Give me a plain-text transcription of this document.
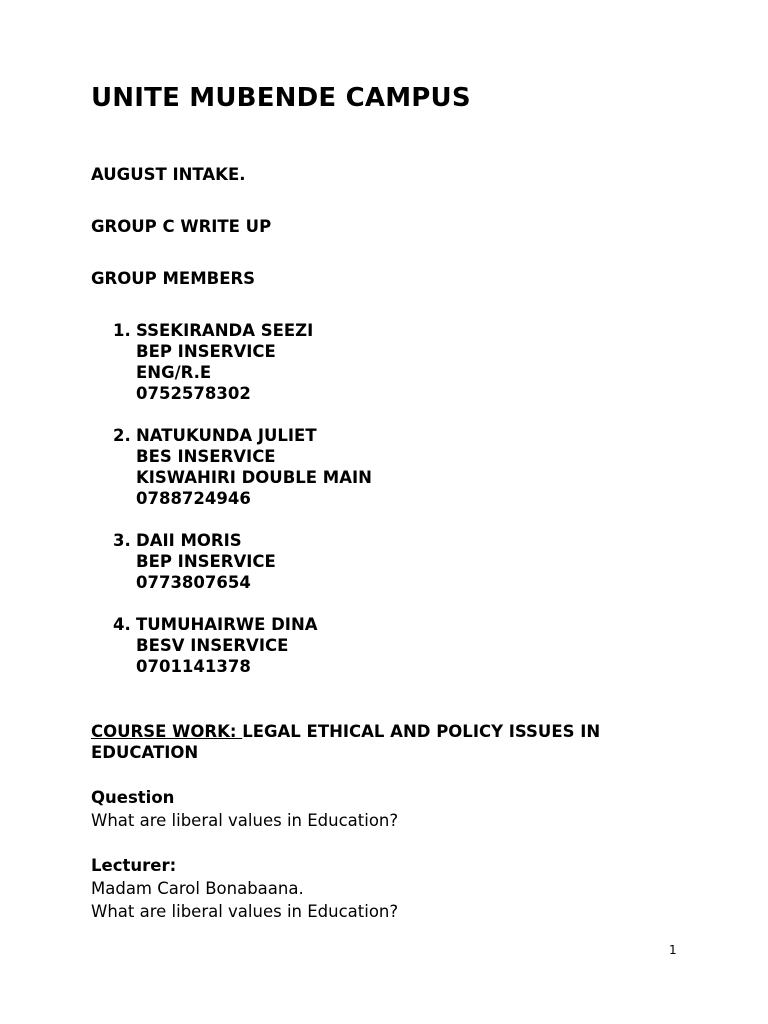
UNITE MUBENDE CAMPUS
AUGUST INTAKE.
GROUP C WRITE UP
GROUP MEMBERS
1. SSEKIRANDA SEEZI
BEP INSERVICE
ENG/R.E
0752578302
2. NATUKUNDA JULIET
BES INSERVICE
KISWAHIRI DOUBLE MAIN
0788724946
3. DAII MORIS
BEP INSERVICE
0773807654
4. TUMUHAIRWE DINA
BESV INSERVICE
0701141378
COURSE WORK: LEGAL ETHICAL AND POLICY ISSUES IN EDUCATION
Question
What are liberal values in Education?
Lecturer:
Madam Carol Bonabaana.
What are liberal values in Education?
1
